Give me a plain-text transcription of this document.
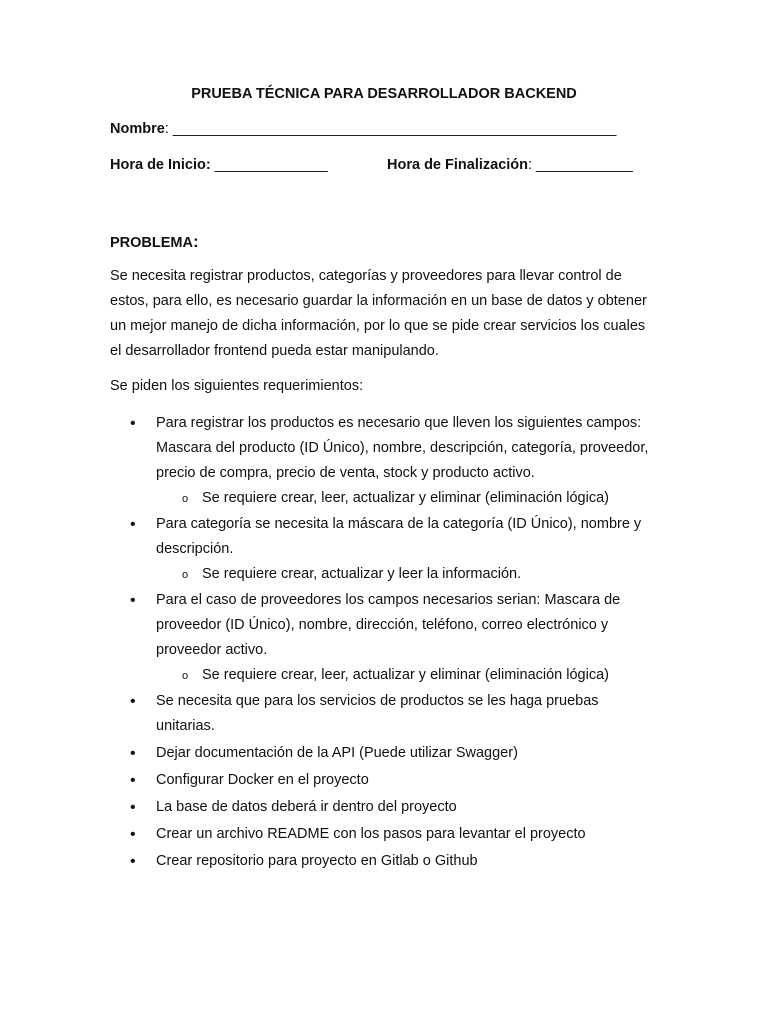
PRUEBA TÉCNICA PARA DESARROLLADOR BACKEND
Nombre: _______________________________________________________
Hora de Inicio: ______________	Hora de Finalización: ____________
PROBLEMA:

Se necesita registrar productos, categorías y proveedores para llevar control de estos, para ello, es necesario guardar la información en un base de datos y obtener un mejor manejo de dicha información, por lo que se pide crear servicios los cuales el desarrollador frontend pueda estar manipulando.

Se piden los siguientes requerimientos:

• Para registrar los productos es necesario que lleven los siguientes campos: Mascara del producto (ID Único), nombre, descripción, categoría, proveedor, precio de compra, precio de venta, stock y producto activo.
o Se requiere crear, leer, actualizar y eliminar (eliminación lógica)
• Para categoría se necesita la máscara de la categoría (ID Único), nombre y descripción.
o Se requiere crear, actualizar y leer la información.
• Para el caso de proveedores los campos necesarios serian: Mascara de proveedor (ID Único), nombre, dirección, teléfono, correo electrónico y proveedor activo.
o Se requiere crear, leer, actualizar y eliminar (eliminación lógica)
• Se necesita que para los servicios de productos se les haga pruebas unitarias.
• Dejar documentación de la API (Puede utilizar Swagger)
• Configurar Docker en el proyecto
• La base de datos deberá ir dentro del proyecto
• Crear un archivo README con los pasos para levantar el proyecto
• Crear repositorio para proyecto en Gitlab o Github
